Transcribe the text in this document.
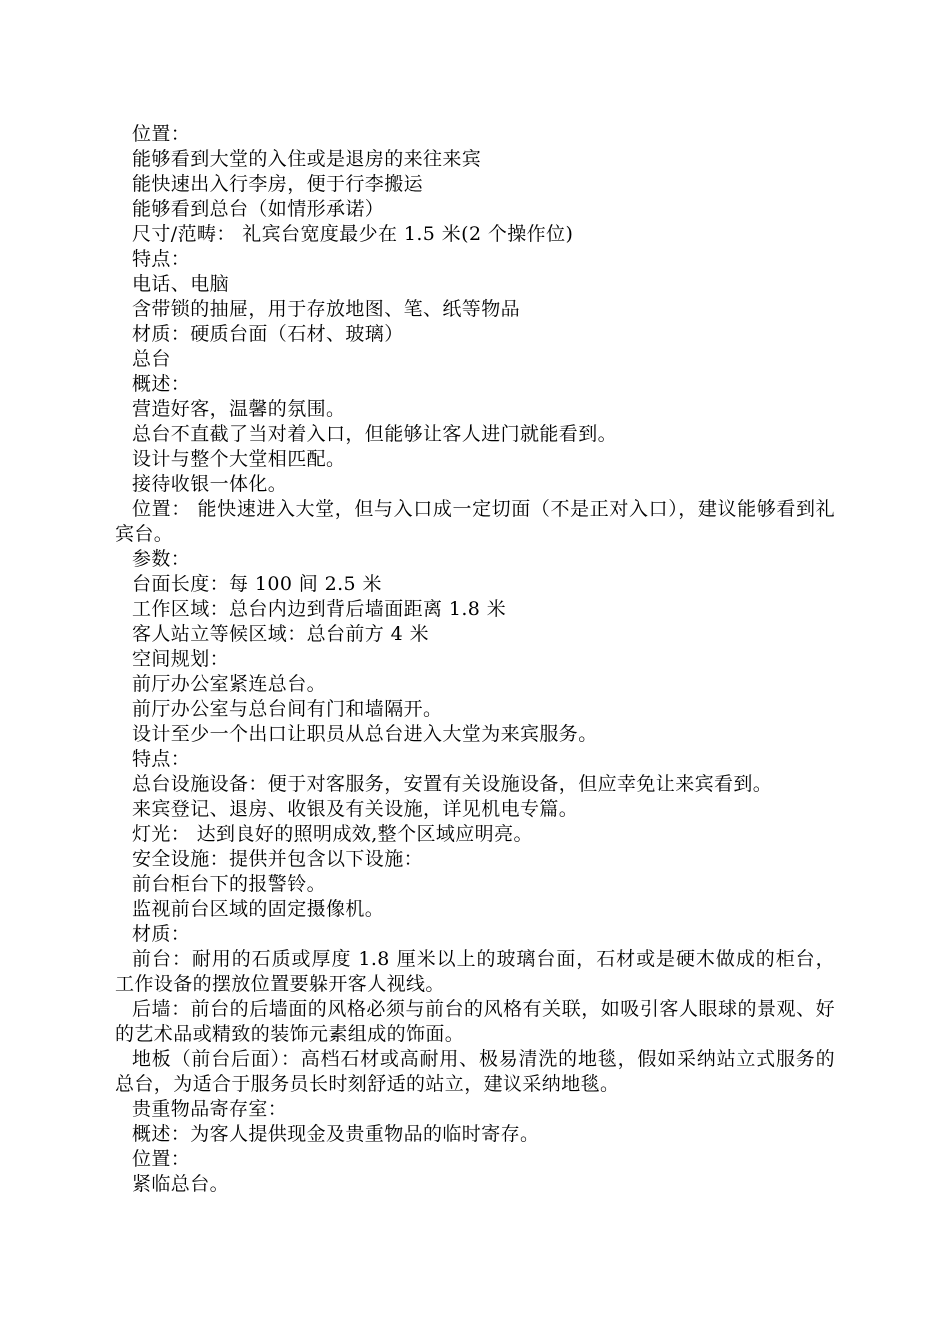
位置：
能够看到大堂的入住或是退房的来往来宾
能快速出入行李房，便于行李搬运
能够看到总台（如情形承诺）
尺寸/范畴： 礼宾台宽度最少在 1.5 米(2 个操作位)
特点：
电话、电脑
含带锁的抽屉，用于存放地图、笔、纸等物品
材质：硬质台面（石材、玻璃）
总台
概述：
营造好客，温馨的氛围。
总台不直截了当对着入口，但能够让客人进门就能看到。
设计与整个大堂相匹配。
接待收银一体化。
位置： 能快速进入大堂，但与入口成一定切面（不是正对入口），建议能够看到礼宾台。
参数：
台面长度：每 100 间 2.5 米
工作区域：总台内边到背后墙面距离 1.8 米
客人站立等候区域：总台前方 4 米
空间规划：
前厅办公室紧连总台。
前厅办公室与总台间有门和墙隔开。
设计至少一个出口让职员从总台进入大堂为来宾服务。
特点：
总台设施设备：便于对客服务，安置有关设施设备，但应幸免让来宾看到。
来宾登记、退房、收银及有关设施，详见机电专篇。
灯光： 达到良好的照明成效,整个区域应明亮。
安全设施：提供并包含以下设施：
前台柜台下的报警铃。
监视前台区域的固定摄像机。
材质：
前台：耐用的石质或厚度 1.8 厘米以上的玻璃台面，石材或是硬木做成的柜台，工作设备的摆放位置要躲开客人视线。
后墙：前台的后墙面的风格必须与前台的风格有关联，如吸引客人眼球的景观、好的艺术品或精致的装饰元素组成的饰面。
地板（前台后面）：高档石材或高耐用、极易清洗的地毯，假如采纳站立式服务的总台，为适合于服务员长时刻舒适的站立，建议采纳地毯。
贵重物品寄存室：
概述：为客人提供现金及贵重物品的临时寄存。
位置：
紧临总台。
